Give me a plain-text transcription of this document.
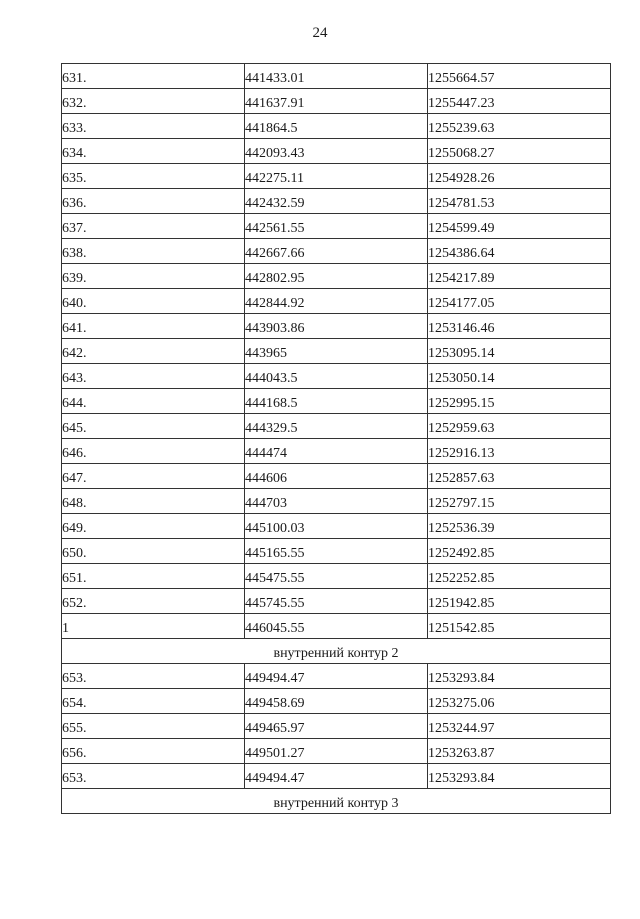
24
631.	441433.01	1255664.57
632.	441637.91	1255447.23
633.	441864.5	1255239.63
634.	442093.43	1255068.27
635.	442275.11	1254928.26
636.	442432.59	1254781.53
637.	442561.55	1254599.49
638.	442667.66	1254386.64
639.	442802.95	1254217.89
640.	442844.92	1254177.05
641.	443903.86	1253146.46
642.	443965	1253095.14
643.	444043.5	1253050.14
644.	444168.5	1252995.15
645.	444329.5	1252959.63
646.	444474	1252916.13
647.	444606	1252857.63
648.	444703	1252797.15
649.	445100.03	1252536.39
650.	445165.55	1252492.85
651.	445475.55	1252252.85
652.	445745.55	1251942.85
1	446045.55	1251542.85
внутренний контур 2		
653.	449494.47	1253293.84
654.	449458.69	1253275.06
655.	449465.97	1253244.97
656.	449501.27	1253263.87
653.	449494.47	1253293.84
внутренний контур 3		
